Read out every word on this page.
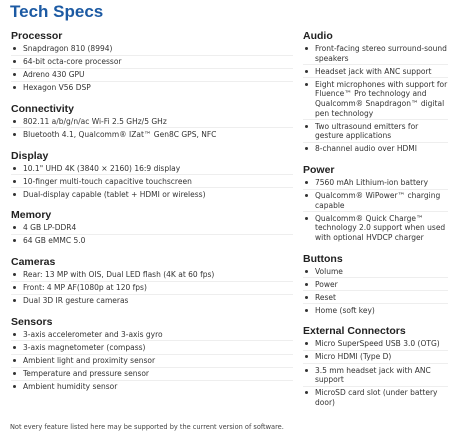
Tech Specs
Processor
Snapdragon 810 (8994)
64-bit octa-core processor
Adreno 430 GPU
Hexagon V56 DSP
Connectivity
802.11 a/b/g/n/ac Wi-Fi 2.5 GHz/5 GHz
Bluetooth 4.1, Qualcomm® IZat™ Gen8C GPS, NFC
Display
10.1" UHD 4K (3840 × 2160) 16:9 display
10-finger multi-touch capacitive touchscreen
Dual-display capable (tablet + HDMI or wireless)
Memory
4 GB LP-DDR4
64 GB eMMC 5.0
Cameras
Rear: 13 MP with OIS, Dual LED flash (4K at 60 fps)
Front: 4 MP AF(1080p at 120 fps)
Dual 3D IR gesture cameras
Sensors
3-axis accelerometer and 3-axis gyro
3-axis magnetometer (compass)
Ambient light and proximity sensor
Temperature and pressure sensor
Ambient humidity sensor
Audio
Front-facing stereo surround-sound speakers
Headset jack with ANC support
Eight microphones with support for Fluence™ Pro technology and Qualcomm® Snapdragon™ digital pen technology
Two ultrasound emitters for gesture applications
8-channel audio over HDMI
Power
7560 mAh Lithium-ion battery
Qualcomm® WiPower™ charging capable
Qualcomm® Quick Charge™ technology 2.0 support when used with optional HVDCP charger
Buttons
Volume
Power
Reset
Home (soft key)
External Connectors
Micro SuperSpeed USB 3.0 (OTG)
Micro HDMI (Type D)
3.5 mm headset jack with ANC support
MicroSD card slot (under battery door)
Not every feature listed here may be supported by the current version of software.
